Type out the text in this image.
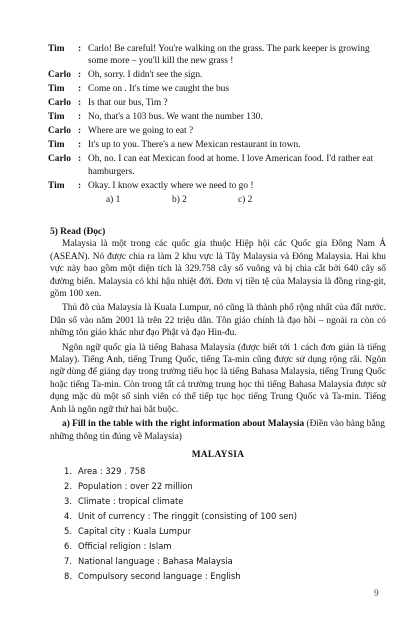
Tim	: Carlo! Be careful! You're walking on the grass. The park keeper is growing some more – you'll kill the new grass !
Carlo : Oh, sorry. I didn't see the sign.
Tim	: Come on . It's time we caught the bus
Carlo : Is that our bus, Tim ?
Tim	: No, that's a 103 bus. We want the number 130.
Carlo : Where are we going to eat ?
Tim	: It's up to you. There's a new Mexican restaurant in town.
Carlo : Oh, no. I can eat Mexican food at home. I love American food. I'd rather eat hamburgers.
Tim	: Okay. I know exactly where we need to go !
a) 1	b) 2	c) 2
5) Read (Đọc)

Malaysia là một trong các quốc gia thuộc Hiệp hội các Quốc gia Đông Nam Á (ASEAN). Nó được chia ra làm 2 khu vực là Tây Malaysia và Đông Malaysia. Hai khu vực này bao gồm một diện tích là 329.758 cây số vuông và bị chia cắt bởi 640 cây số đường biển. Malaysia có khí hậu nhiệt đới. Đơn vị tiền tệ của Malaysia là đồng ring-git, gồm 100 xen.

Thủ đô của Malaysia là Kuala Lumpur, nó cũng là thành phố rộng nhất của đất nước. Dân số vào năm 2001 là trên 22 triệu dân. Tôn giáo chính là đạo hồi – ngoài ra còn có những tôn giáo khác như đạo Phật và đạo Hin-đu.

Ngôn ngữ quốc gia là tiếng Bahasa Malaysia (được biết tới 1 cách đơn giản là tiếng Malay). Tiếng Anh, tiếng Trung Quốc, tiếng Ta-min cũng được sử dụng rộng rãi. Ngôn ngữ dùng để giảng dạy trong trường tiểu học là tiếng Bahasa Malaysia, tiếng Trung Quốc hoặc tiếng Ta-min. Còn trong tất cả trường trung học thì tiếng Bahasa Malaysia được sử dụng mặc dù một số sinh viên có thể tiếp tục học tiếng Trung Quốc và Ta-min. Tiếng Anh là ngôn ngữ thứ hai bắt buộc.

a) Fill in the table with the right information about Malaysia (Điền vào bảng bằng những thông tin đúng về Malaysia)

MALAYSIA
1. Area : 329 . 758
2. Population : over 22 million
3. Climate : tropical climate
4. Unit of currency : The ringgit (consisting of 100 sen)
5. Capital city : Kuala Lumpur
6. Official religion : Islam
7. National language : Bahasa Malaysia
8. Compulsory second language : English
9
